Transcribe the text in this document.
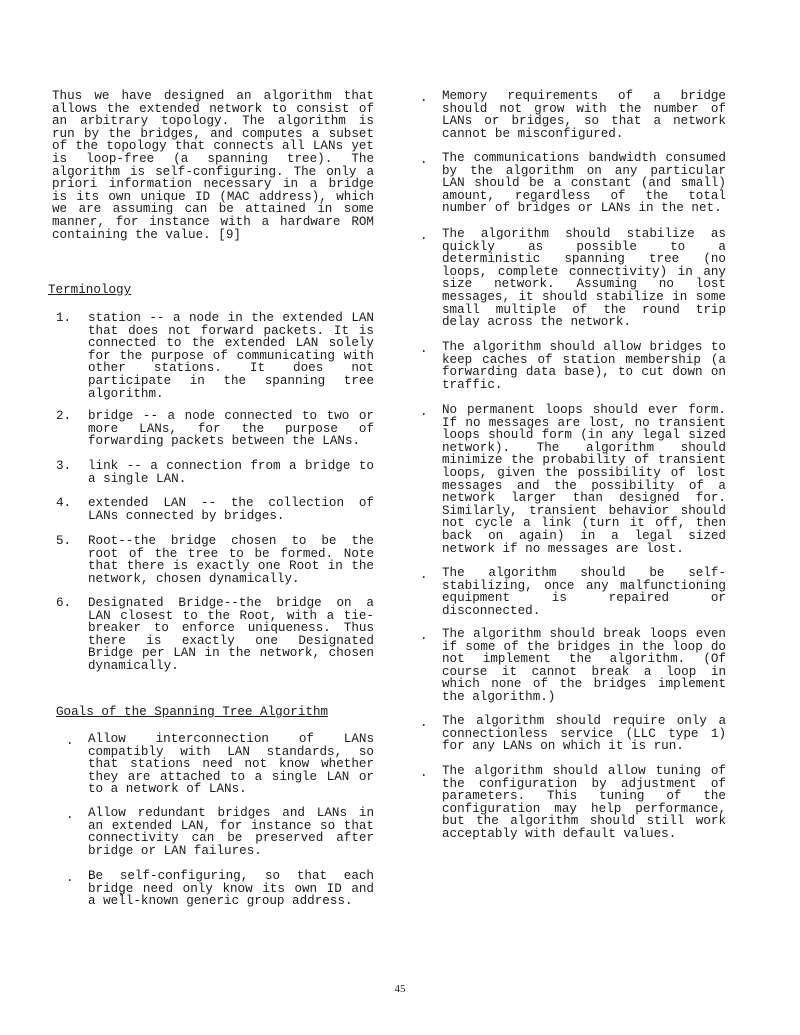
Thus we have designed an algorithm that allows the extended network to consist of an arbitrary topology. The algorithm is run by the bridges, and computes a subset of the topology that connects all LANs yet is loop-free (a spanning tree). The algorithm is self-configuring. The only a priori information necessary in a bridge is its own unique ID (MAC address), which we are assuming can be attained in some manner, for instance with a hardware ROM containing the value. [9]

Terminology
1. station -- a node in the extended LAN that does not forward packets. It is connected to the extended LAN solely for the purpose of communicating with other stations. It does not participate in the spanning tree algorithm.
2. bridge -- a node connected to two or more LANs, for the purpose of forwarding packets between the LANs.
3. link -- a connection from a bridge to a single LAN.
4. extended LAN -- the collection of LANs connected by bridges.
5. Root--the bridge chosen to be the root of the tree to be formed. Note that there is exactly one Root in the network, chosen dynamically.
6. Designated Bridge--the bridge on a LAN closest to the Root, with a tie-breaker to enforce uniqueness. Thus there is exactly one Designated Bridge per LAN in the network, chosen dynamically.
Goals of the Spanning Tree Algorithm
. Allow interconnection of LANs compatibly with LAN standards, so that stations need not know whether they are attached to a single LAN or to a network of LANs.
. Allow redundant bridges and LANs in an extended LAN, for instance so that connectivity can be preserved after bridge or LAN failures.
. Be self-configuring, so that each bridge need only know its own ID and a well-known generic group address.
. Memory requirements of a bridge should not grow with the number of LANs or bridges, so that a network cannot be misconfigured.
. The communications bandwidth consumed by the algorithm on any particular LAN should be a constant (and small) amount, regardless of the total number of bridges or LANs in the net.
. The algorithm should stabilize as quickly as possible to a deterministic spanning tree (no loops, complete connectivity) in any size network. Assuming no lost messages, it should stabilize in some small multiple of the round trip delay across the network.
. The algorithm should allow bridges to keep caches of station membership (a forwarding data base), to cut down on traffic.
. No permanent loops should ever form. If no messages are lost, no transient loops should form (in any legal sized network). The algorithm should minimize the probability of transient loops, given the possibility of lost messages and the possibility of a network larger than designed for. Similarly, transient behavior should not cycle a link (turn it off, then back on again) in a legal sized network if no messages are lost.
. The algorithm should be self-stabilizing, once any malfunctioning equipment is repaired or disconnected.
. The algorithm should break loops even if some of the bridges in the loop do not implement the algorithm. (Of course it cannot break a loop in which none of the bridges implement the algorithm.)
. The algorithm should require only a connectionless service (LLC type 1) for any LANs on which it is run.
. The algorithm should allow tuning of the configuration by adjustment of parameters. This tuning of the configuration may help performance, but the algorithm should still work acceptably with default values.
45
